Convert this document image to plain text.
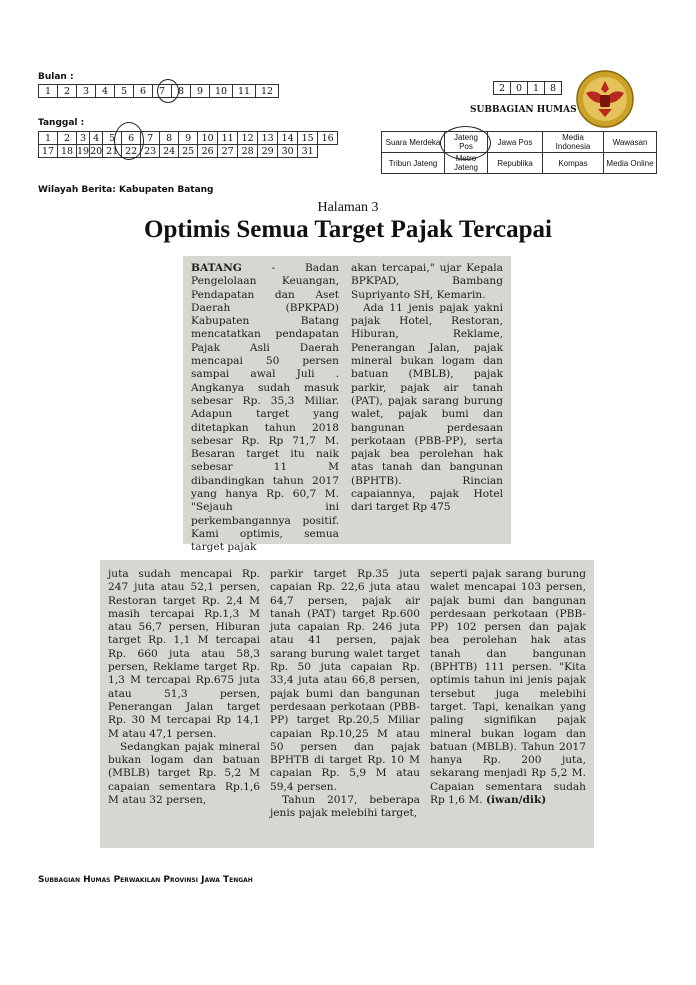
Bulan :
1	2	3	4	5	6	7	8	9	10	11	12
Tanggal :
1	2	3	4	5	6	7	8	9	10	11	12	13	14	15	16
17	18	19	20	21	22	23	24	25	26	27	28	29	30	31	
Wilayah Berita: Kabupaten Batang
2	0	1	8
SUBBAGIAN HUMAS
Suara Merdeka	Jateng Pos	Jawa Pos	Media Indonesia	Wawasan
Tribun Jateng	Metro Jateng	Republika	Kompas	Media Online
Halaman 3
Optimis Semua Target Pajak Tercapai

BATANG - Badan Pengelolaan Keuangan, Pendapatan dan Aset Daerah (BPKPAD) Kabupaten Batang mencatatkan pendapatan Pajak Asli Daerah mencapai 50 persen sampai awal Juli . Angkanya sudah masuk sebesar Rp. 35,3 Miliar. Adapun target yang ditetapkan tahun 2018 sebesar Rp. Rp 71,7 M. Besaran target itu naik sebesar 11 M dibandingkan tahun 2017 yang hanya Rp. 60,7 M. "Sejauh ini perkembangannya positif. Kami optimis, semua target pajak

akan tercapai," ujar Kepala BPKPAD, Bambang Supriyanto SH, Kemarin.

Ada 11 jenis pajak yakni pajak Hotel, Restoran, Hiburan, Reklame, Penerangan Jalan, pajak mineral bukan logam dan batuan (MBLB), pajak parkir, pajak air tanah (PAT), pajak sarang burung walet, pajak bumi dan bangunan perdesaan perkotaan (PBB-PP), serta pajak bea perolehan hak atas tanah dan bangunan (BPHTB). Rincian capaiannya, pajak Hotel dari target Rp 475

juta sudah mencapai Rp. 247 juta atau 52,1 persen, Restoran target Rp. 2,4 M masih tercapai Rp.1,3 M atau 56,7 persen, Hiburan target Rp. 1,1 M tercapai Rp. 660 juta atau 58,3 persen, Reklame target Rp. 1,3 M tercapai Rp.675 juta atau 51,3 persen, Penerangan Jalan target Rp. 30 M tercapai Rp 14,1 M atau 47,1 persen.

Sedangkan pajak mineral bukan logam dan batuan (MBLB) target Rp. 5,2 M capaian sementara Rp.1,6 M atau 32 persen,

parkir target Rp.35 juta capaian Rp. 22,6 juta atau 64,7 persen, pajak air tanah (PAT) target Rp.600 juta capaian Rp. 246 juta atau 41 persen, pajak sarang burung walet target Rp. 50 juta capaian Rp. 33,4 juta atau 66,8 persen, pajak bumi dan bangunan perdesaan perkotaan (PBB-PP) target Rp.20,5 Miliar capaian Rp.10,25 M atau 50 persen dan pajak BPHTB di target Rp. 10 M capaian Rp. 5,9 M atau 59,4 persen.

Tahun 2017, beberapa jenis pajak melebihi target,

seperti pajak sarang burung walet mencapai 103 persen, pajak bumi dan bangunan perdesaan perkotaan (PBB-PP) 102 persen dan pajak bea perolehan hak atas tanah dan bangunan (BPHTB) 111 persen. "Kita optimis tahun ini jenis pajak tersebut juga melebihi target. Tapi, kenaikan yang paling signifikan pajak mineral bukan logam dan batuan (MBLB). Tahun 2017 hanya Rp. 200 juta, sekarang menjadi Rp 5,2 M. Capaian sementara sudah Rp 1,6 M. (iwan/dik)

Subbagian Humas Perwakilan Provinsi Jawa Tengah
